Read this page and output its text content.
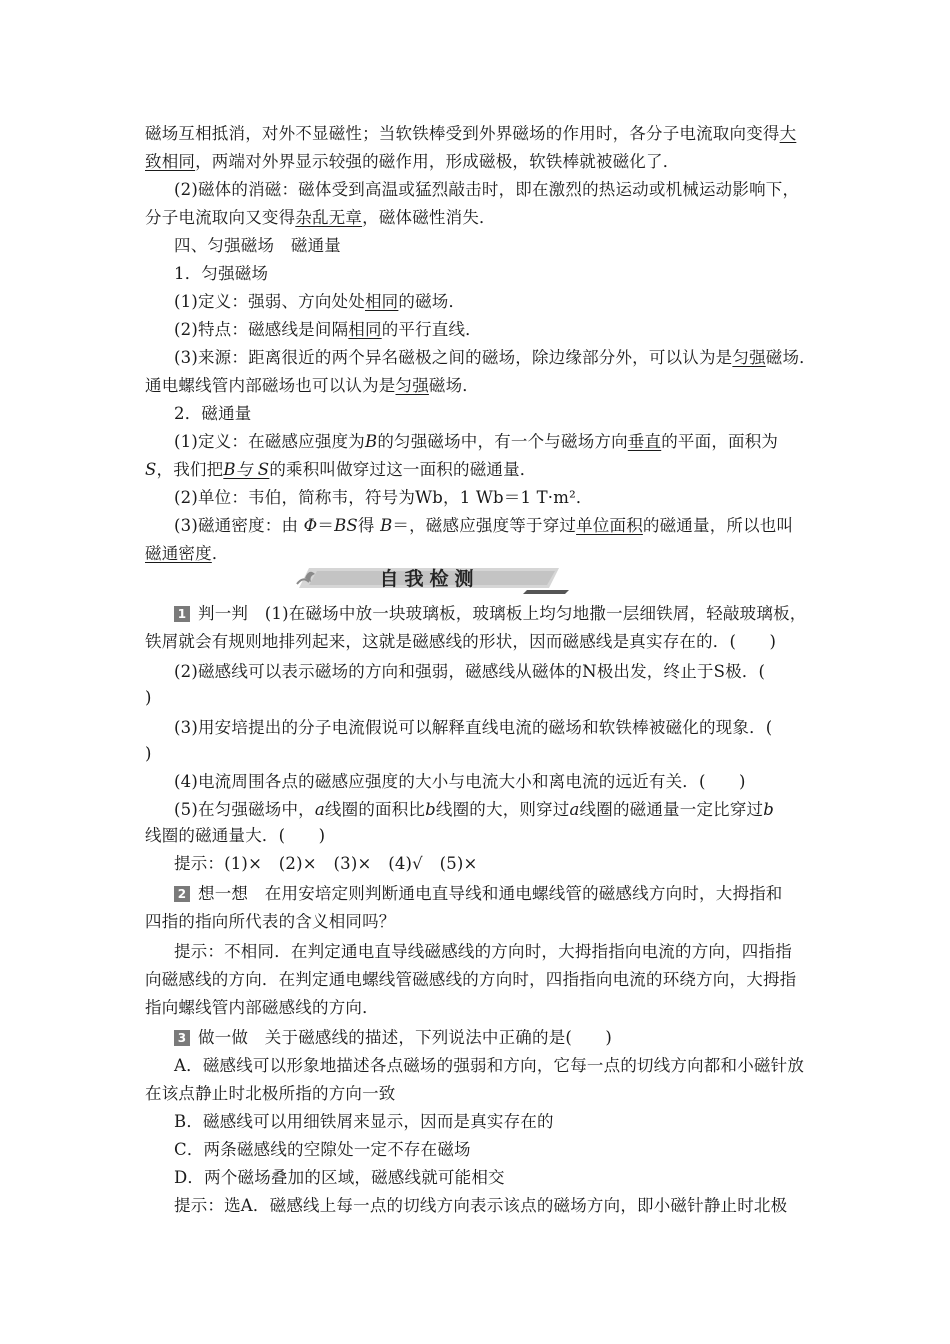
磁场互相抵消，对外不显磁性；当软铁棒受到外界磁场的作用时，各分子电流取向变得大
致相同，两端对外界显示较强的磁作用，形成磁极，软铁棒就被磁化了．
(2)磁体的消磁：磁体受到高温或猛烈敲击时，即在激烈的热运动或机械运动影响下，
分子电流取向又变得杂乱无章，磁体磁性消失．
四、匀强磁场　磁通量
1．匀强磁场
(1)定义：强弱、方向处处相同的磁场．
(2)特点：磁感线是间隔相同的平行直线．
(3)来源：距离很近的两个异名磁极之间的磁场，除边缘部分外，可以认为是匀强磁场．
通电螺线管内部磁场也可以认为是匀强磁场．
2．磁通量
(1)定义：在磁感应强度为B的匀强磁场中，有一个与磁场方向垂直的平面，面积为
S，我们把B与 S的乘积叫做穿过这一面积的磁通量．
(2)单位：韦伯，简称韦，符号为Wb，1 Wb＝1 T·m²．
(3)磁通密度：由 Φ＝BS得 B＝，磁感应强度等于穿过单位面积的磁通量，所以也叫
磁通密度．
自我检测
1 判一判　(1)在磁场中放一块玻璃板，玻璃板上均匀地撒一层细铁屑，轻敲玻璃板，
铁屑就会有规则地排列起来，这就是磁感线的形状，因而磁感线是真实存在的．(　　)
(2)磁感线可以表示磁场的方向和强弱，磁感线从磁体的N极出发，终止于S极．(
)
(3)用安培提出的分子电流假说可以解释直线电流的磁场和软铁棒被磁化的现象．(
)
(4)电流周围各点的磁感应强度的大小与电流大小和离电流的远近有关．(　　)
(5)在匀强磁场中，a线圈的面积比b线圈的大，则穿过a线圈的磁通量一定比穿过b
线圈的磁通量大．(　　)
提示：(1)×　(2)×　(3)×　(4)√　(5)×
2 想一想　在用安培定则判断通电直导线和通电螺线管的磁感线方向时，大拇指和
四指的指向所代表的含义相同吗？
提示：不相同．在判定通电直导线磁感线的方向时，大拇指指向电流的方向，四指指
向磁感线的方向．在判定通电螺线管磁感线的方向时，四指指向电流的环绕方向，大拇指
指向螺线管内部磁感线的方向．
3 做一做　关于磁感线的描述，下列说法中正确的是(　　)
A．磁感线可以形象地描述各点磁场的强弱和方向，它每一点的切线方向都和小磁针放
在该点静止时北极所指的方向一致
B．磁感线可以用细铁屑来显示，因而是真实存在的
C．两条磁感线的空隙处一定不存在磁场
D．两个磁场叠加的区域，磁感线就可能相交
提示：选A．磁感线上每一点的切线方向表示该点的磁场方向，即小磁针静止时北极
